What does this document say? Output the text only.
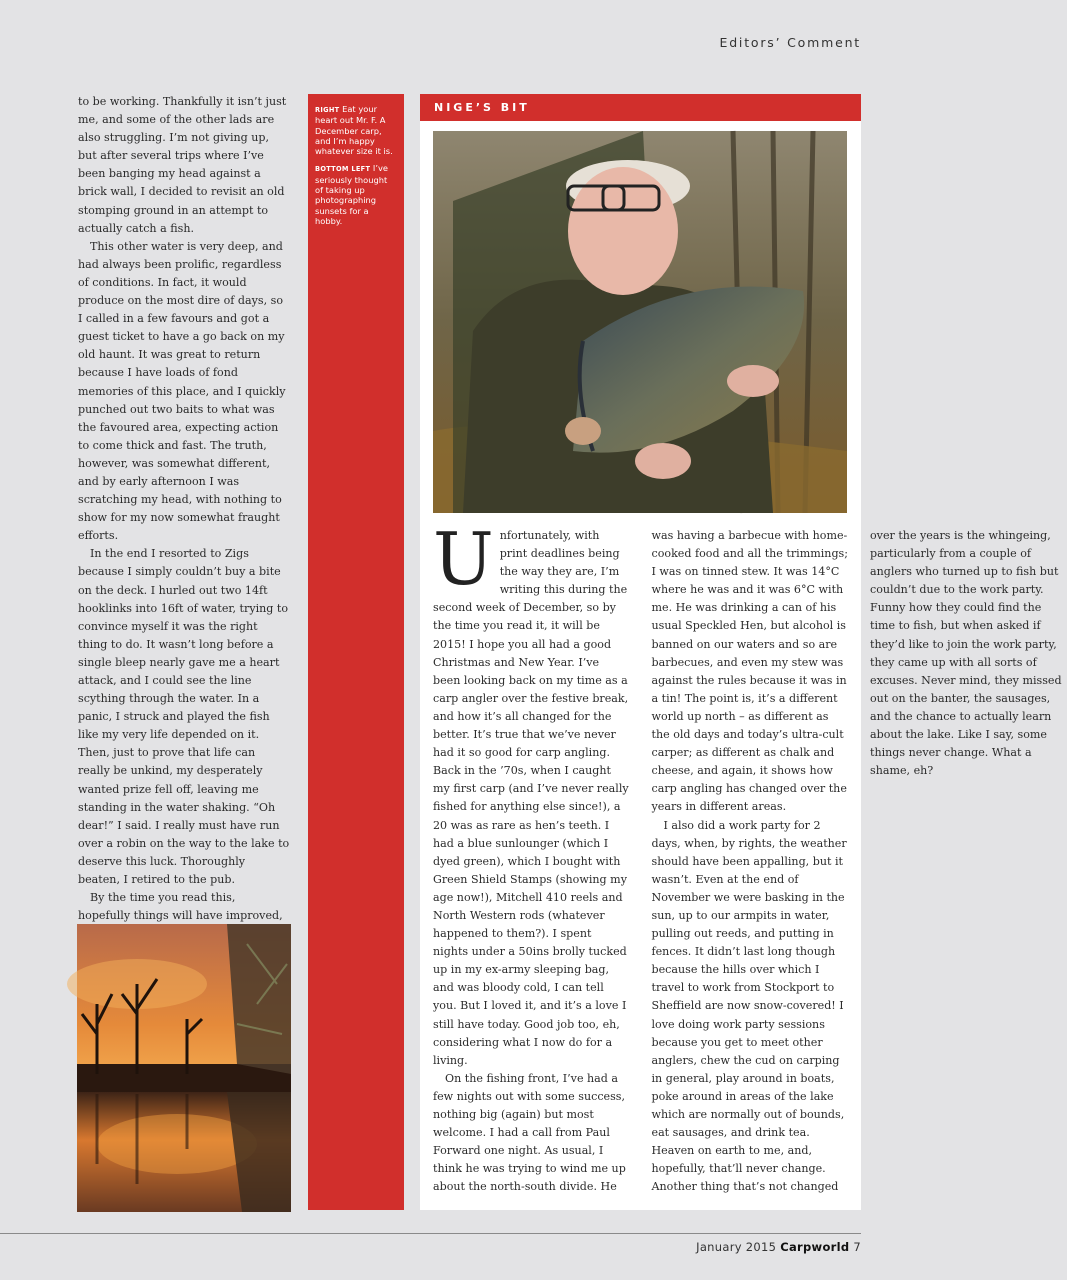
Editors’ Comment

to be working. Thankfully it isn’t just me, and some of the other lads are also struggling. I’m not giving up, but after several trips where I’ve been banging my head against a brick wall, I decided to revisit an old stomping ground in an attempt to actually catch a fish.

This other water is very deep, and had always been prolific, regardless of conditions. In fact, it would produce on the most dire of days, so I called in a few favours and got a guest ticket to have a go back on my old haunt. It was great to return because I have loads of fond memories of this place, and I quickly punched out two baits to what was the favoured area, expecting action to come thick and fast. The truth, however, was somewhat different, and by early afternoon I was scratching my head, with nothing to show for my now somewhat fraught efforts.

In the end I resorted to Zigs because I simply couldn’t buy a bite on the deck. I hurled out two 14ft hooklinks into 16ft of water, trying to convince myself it was the right thing to do. It wasn’t long before a single bleep nearly gave me a heart attack, and I could see the line scything through the water. In a panic, I struck and played the fish like my very life depended on it. Then, just to prove that life can really be unkind, my desperately wanted prize fell off, leaving me standing in the water shaking. “Oh dear!” I said. I really must have run over a robin on the way to the lake to deserve this luck. Thoroughly beaten, I retired to the pub.

By the time you read this, hopefully things will have improved,

RIGHT Eat your heart out Mr. F. A December carp, and I’m happy whatever size it is.
BOTTOM LEFT I’ve seriously thought of taking up photographing sunsets for a hobby.
NIGE’S BIT

Unfortunately, with print deadlines being the way they are, I’m writing this during the second week of December, so by the time you read it, it will be 2015! I hope you all had a good Christmas and New Year. I’ve been looking back on my time as a carp angler over the festive break, and how it’s all changed for the better. It’s true that we’ve never had it so good for carp angling. Back in the ’70s, when I caught my first carp (and I’ve never really fished for anything else since!), a 20 was as rare as hen’s teeth. I had a blue sunlounger (which I dyed green), which I bought with Green Shield Stamps (showing my age now!), Mitchell 410 reels and North Western rods (whatever happened to them?). I spent nights under a 50ins brolly tucked up in my ex-army sleeping bag, and was bloody cold, I can tell you. But I loved it, and it’s a love I still have today. Good job too, eh, considering what I now do for a living.

On the fishing front, I’ve had a few nights out with some success, nothing big (again) but most welcome. I had a call from Paul Forward one night. As usual, I think he was trying to wind me up about the north-south divide. He was having a barbecue with home-cooked food and all the trimmings; I was on tinned stew. It was 14°C where he was and it was 6°C with me. He was drinking a can of his usual Speckled Hen, but alcohol is banned on our waters and so are barbecues, and even my stew was against the rules because it was in a tin! The point is, it’s a different world up north – as different as the old days and today’s ultra-cult carper; as different as chalk and cheese, and again, it shows how carp angling has changed over the years in different areas.

I also did a work party for 2 days, when, by rights, the weather should have been appalling, but it wasn’t. Even at the end of November we were basking in the sun, up to our armpits in water, pulling out reeds, and putting in fences. It didn’t last long though because the hills over which I travel to work from Stockport to Sheffield are now snow-covered! I love doing work party sessions because you get to meet other anglers, chew the cud on carping in general, play around in boats, poke around in areas of the lake which are normally out of bounds, eat sausages, and drink tea. Heaven on earth to me, and, hopefully, that’ll never change. Another thing that’s not changed over the years is the whingeing, particularly from a couple of anglers who turned up to fish but couldn’t due to the work party. Funny how they could find the time to fish, but when asked if they’d like to join the work party, they came up with all sorts of excuses. Never mind, they missed out on the banter, the sausages, and the chance to actually learn about the lake. Like I say, some things never change. What a shame, eh?

January 2015 Carpworld 7
